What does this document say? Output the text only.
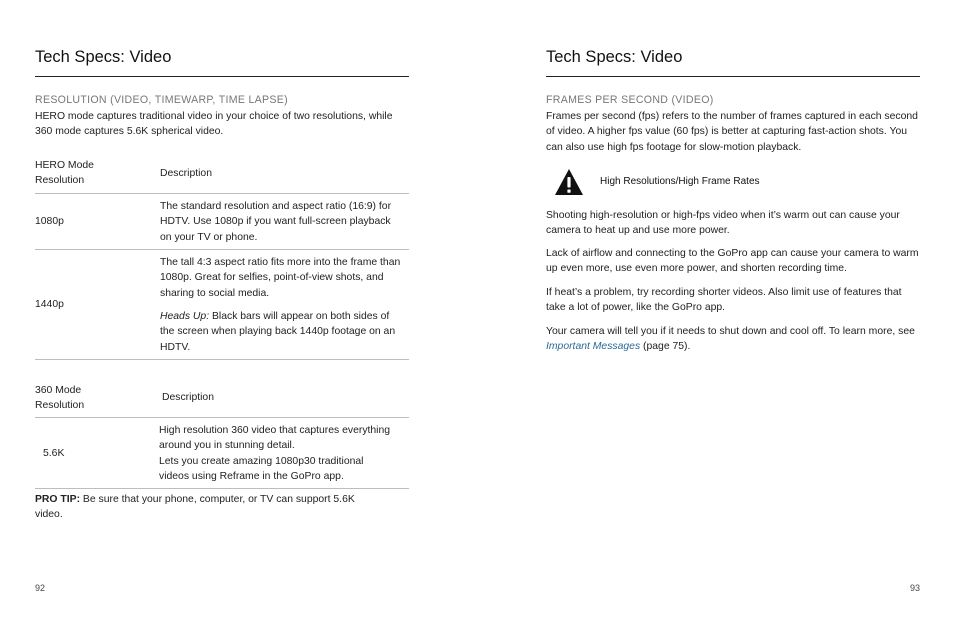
Tech Specs: Video
RESOLUTION (VIDEO, TIMEWARP, TIME LAPSE)
HERO mode captures traditional video in your choice of two resolutions, while 360 mode captures 5.6K spherical video.
HERO Mode Resolution
Description
1080p
The standard resolution and aspect ratio (16:9) for HDTV. Use 1080p if you want full-screen playback on your TV or phone.
1440p
The tall 4:3 aspect ratio fits more into the frame than 1080p. Great for selfies, point-of-view shots, and sharing to social media.
Heads Up: Black bars will appear on both sides of the screen when playing back 1440p footage on an HDTV.
360 Mode Resolution
Description
5.6K
High resolution 360 video that captures everything around you in stunning detail.
Lets you create amazing 1080p30 traditional videos using Reframe in the GoPro app.
PRO TIP: Be sure that your phone, computer, or TV can support 5.6K video.
92
Tech Specs: Video
FRAMES PER SECOND (VIDEO)
Frames per second (fps) refers to the number of frames captured in each second of video. A higher fps value (60 fps) is better at capturing fast-action shots. You can also use high fps footage for slow-motion playback.
High Resolutions/High Frame Rates
Shooting high-resolution or high-fps video when it’s warm out can cause your camera to heat up and use more power.
Lack of airflow and connecting to the GoPro app can cause your camera to warm up even more, use even more power, and shorten recording time.
If heat’s a problem, try recording shorter videos. Also limit use of features that take a lot of power, like the GoPro app.
Your camera will tell you if it needs to shut down and cool off. To learn more, see Important Messages (page 75).
93
